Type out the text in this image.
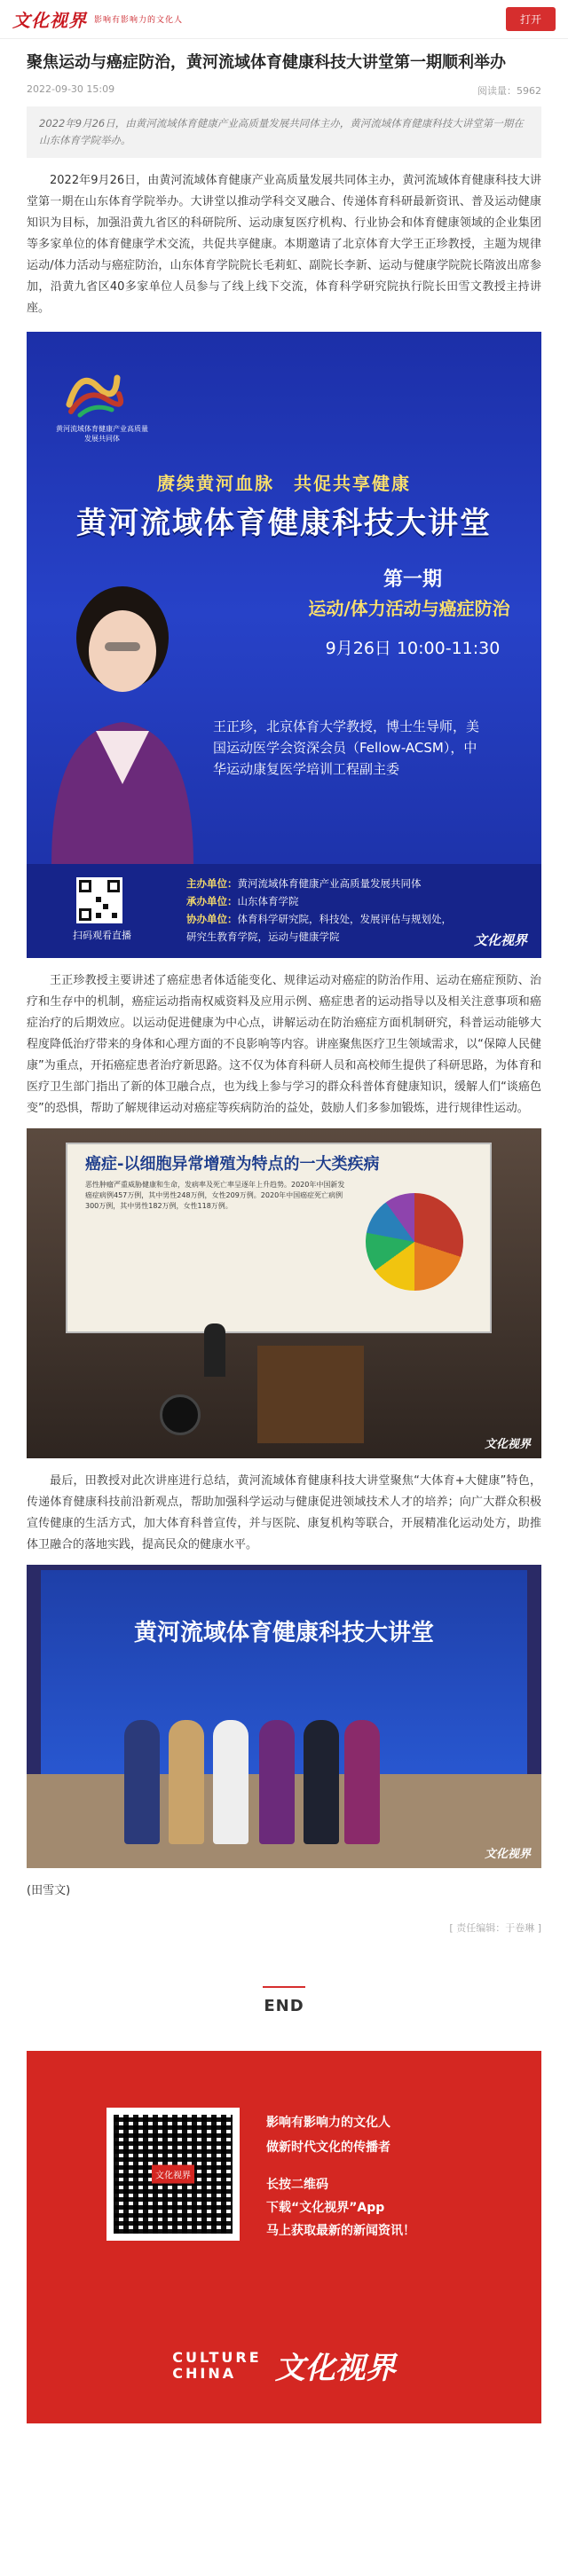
文化视界 影响有影响力的文化人	打开
聚焦运动与癌症防治，黄河流域体育健康科技大讲堂第一期顺利举办
2022-09-30 15:09	阅读量：5962
2022年9月26日，由黄河流域体育健康产业高质量发展共同体主办，黄河流域体育健康科技大讲堂第一期在山东体育学院举办。

2022年9月26日，由黄河流域体育健康产业高质量发展共同体主办，黄河流域体育健康科技大讲堂第一期在山东体育学院举办。大讲堂以推动学科交叉融合、传递体育科研最新资讯、普及运动健康知识为目标，加强沿黄九省区的科研院所、运动康复医疗机构、行业协会和体育健康领域的企业集团等多家单位的体育健康学术交流，共促共享健康。本期邀请了北京体育大学王正珍教授，主题为规律运动/体力活动与癌症防治，山东体育学院院长毛莉虹、副院长李新、运动与健康学院院长隋波出席参加，沿黄九省区40多家单位人员参与了线上线下交流，体育科学研究院执行院长田雪文教授主持讲座。

黄河流域体育健康产业高质量发展共同体
赓续黄河血脉　共促共享健康
黄河流域体育健康科技大讲堂
第一期
运动/体力活动与癌症防治
9月26日 10:00-11:30
王正珍，北京体育大学教授，博士生导师，美国运动医学会资深会员（Fellow-ACSM），中华运动康复医学培训工程副主委
扫码观看直播
主办单位：黄河流域体育健康产业高质量发展共同体
承办单位：山东体育学院
协办单位：体育科学研究院，科技处，发展评估与规划处，研究生教育学院，运动与健康学院	文化视界

王正珍教授主要讲述了癌症患者体适能变化、规律运动对癌症的防治作用、运动在癌症预防、治疗和生存中的机制，癌症运动指南权威资料及应用示例、癌症患者的运动指导以及相关注意事项和癌症治疗的后期效应。以运动促进健康为中心点，讲解运动在防治癌症方面机制研究，科普运动能够大程度降低治疗带来的身体和心理方面的不良影响等内容。讲座聚焦医疗卫生领域需求，以“保障人民健康”为重点，开拓癌症患者治疗新思路。这不仅为体育科研人员和高校师生提供了科研思路，为体育和医疗卫生部门指出了新的体卫融合点，也为线上参与学习的群众科普体育健康知识，缓解人们“谈癌色变”的恐惧，帮助了解规律运动对癌症等疾病防治的益处，鼓励人们多参加锻炼，进行规律性运动。

癌症-以细胞异常增殖为特点的一大类疾病
恶性肿瘤严重威胁健康和生命，发病率及死亡率呈逐年上升趋势。2020年中国新发癌症病例457万例，其中男性248万例，女性209万例。2020年中国癌症死亡病例300万例，其中男性182万例，女性118万例。
文化视界

最后，田教授对此次讲座进行总结，黄河流域体育健康科技大讲堂聚焦“大体育+大健康”特色，传递体育健康科技前沿新观点，帮助加强科学运动与健康促进领域技术人才的培养；向广大群众积极宣传健康的生活方式，加大体育科普宣传，并与医院、康复机构等联合，开展精准化运动处方，助推体卫融合的落地实践，提高民众的健康水平。

黄河流域体育健康科技大讲堂
文化视界
(田雪文)
[ 责任编辑：于卷琳 ]
END
文化视界
影响有影响力的文化人
做新时代文化的传播者
长按二维码
下载“文化视界”App
马上获取最新的新闻资讯！
CULTURE
CHINA 文化视界
